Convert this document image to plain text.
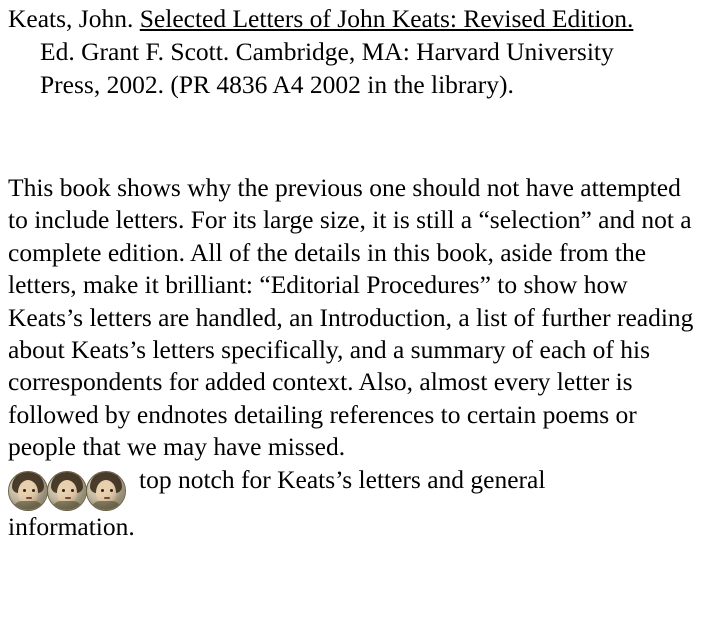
Keats, John. Selected Letters of John Keats: Revised Edition. Ed. Grant F. Scott. Cambridge, MA: Harvard University Press, 2002. (PR 4836 A4 2002 in the library).
This book shows why the previous one should not have attempted to include letters. For its large size, it is still a “selection” and not a complete edition. All of the details in this book, aside from the letters, make it brilliant: “Editorial Procedures” to show how Keats’s letters are handled, an Introduction, a list of further reading about Keats’s letters specifically, and a summary of each of his correspondents for added context. Also, almost every letter is followed by endnotes detailing references to certain poems or people that we may have missed.
top notch for Keats’s letters and general
information.
